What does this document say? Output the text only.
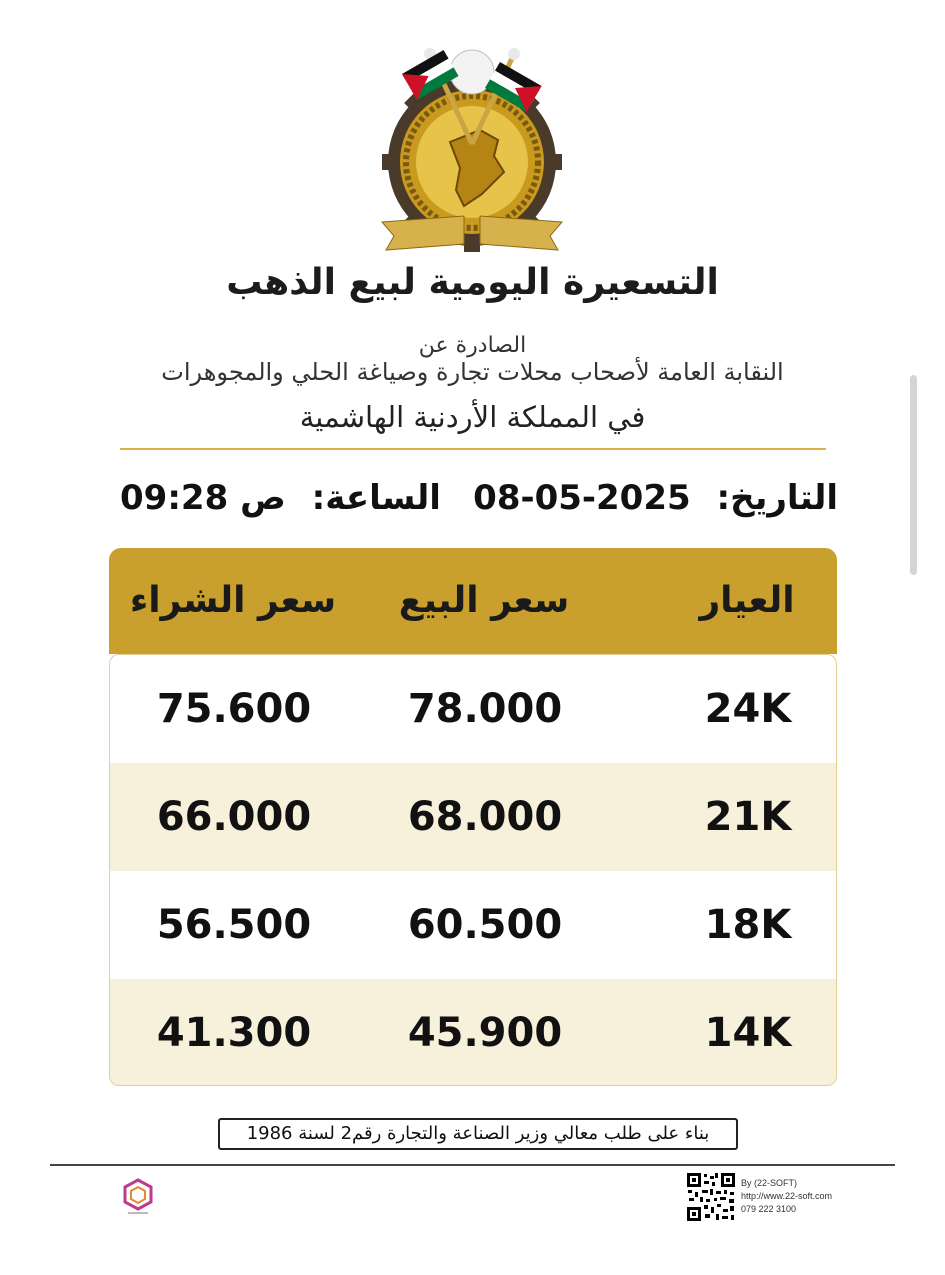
التسعيرة اليومية لبيع الذهب
الصادرة عن
النقابة العامة لأصحاب محلات تجارة وصياغة الحلي والمجوهرات
في المملكة الأردنية الهاشمية
التاريخ: 08-05-2025
الساعة: 09:28 ص
العيار
سعر البيع
سعر الشراء
24K
78.000
75.600
21K
68.000
66.000
18K
60.500
56.500
14K
45.900
41.300
بناء على طلب معالي وزير الصناعة والتجارة رقم2 لسنة 1986
By (22-SOFT)
http://www.22-soft.com
079 222 3100
